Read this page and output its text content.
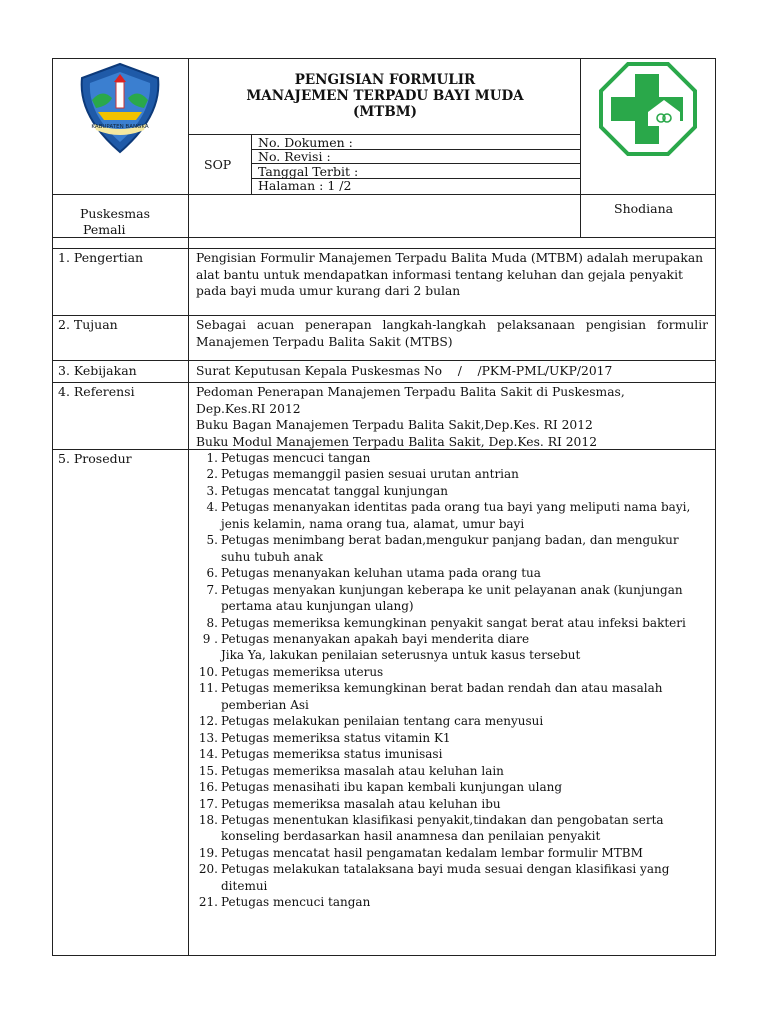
KABUPATEN BANGKA
PENGISIAN FORMULIR
MANAJEMEN TERPADU BAYI MUDA
(MTBM)
SOP
No. Dokumen :
No. Revisi :
Tanggal Terbit :
Halaman : 1 /2
Puskesmas
Pemali
Shodiana
1. Pengertian	Pengisian Formulir Manajemen Terpadu Balita Muda (MTBM) adalah merupakan alat bantu untuk mendapatkan informasi tentang keluhan dan gejala penyakit pada bayi muda umur kurang dari 2 bulan
2. Tujuan	Sebagai acuan penerapan langkah-langkah pelaksanaan pengisian formulir Manajemen Terpadu Balita Sakit (MTBS)
3. Kebijakan	Surat Keputusan Kepala Puskesmas No    /    /PKM-PML/UKP/2017
4. Referensi	Pedoman Penerapan Manajemen Terpadu Balita Sakit di Puskesmas,
Dep.Kes.RI 2012
Buku Bagan Manajemen Terpadu Balita Sakit,Dep.Kes. RI 2012
Buku Modul Manajemen Terpadu Balita Sakit, Dep.Kes. RI 2012
5. Prosedur	1. Petugas mencuci tangan
2. Petugas memanggil pasien sesuai urutan antrian
3. Petugas mencatat tanggal kunjungan
4. Petugas menanyakan identitas pada orang tua bayi yang meliputi nama bayi, jenis kelamin, nama orang tua, alamat, umur bayi
5. Petugas menimbang berat badan,mengukur panjang badan, dan mengukur suhu tubuh anak
6. Petugas menanyakan keluhan utama pada orang tua
7. Petugas menyakan kunjungan keberapa ke unit pelayanan anak (kunjungan pertama atau kunjungan ulang)
8. Petugas memeriksa kemungkinan penyakit sangat berat atau infeksi bakteri
9 . Petugas menanyakan apakah bayi menderita diare
Jika Ya, lakukan penilaian seterusnya untuk kasus tersebut
10. Petugas memeriksa uterus
11. Petugas memeriksa kemungkinan berat badan rendah dan atau masalah pemberian Asi
12. Petugas melakukan penilaian tentang cara menyusui
13. Petugas memeriksa status vitamin K1
14. Petugas memeriksa status imunisasi
15. Petugas memeriksa masalah atau keluhan lain
16. Petugas menasihati ibu kapan kembali kunjungan ulang
17. Petugas memeriksa masalah atau keluhan ibu
18. Petugas menentukan klasifikasi penyakit,tindakan dan pengobatan serta konseling berdasarkan hasil anamnesa dan penilaian penyakit
19. Petugas mencatat hasil pengamatan kedalam lembar formulir MTBM
20. Petugas melakukan tatalaksana bayi muda sesuai dengan klasifikasi yang ditemui
21. Petugas mencuci tangan
